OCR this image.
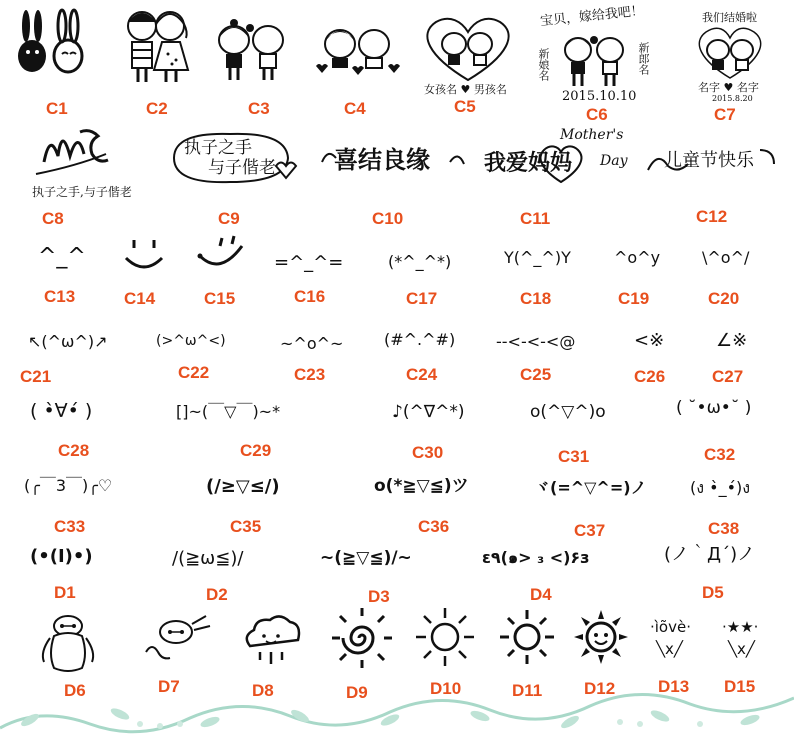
C1	C2	C3	C4
女孩名 ♥ 男孩名
C5
宝贝，嫁给我吧！
新娘名	新郎名
2015.10.10
C6
我们结婚啦
名字 ♥ 名字
2015.8.20
C7
执子之手,与子偕老
C8
执子之手
与子偕老
C9
喜结良缘
C10
Mother's
Day
我爱妈妈
C11
儿童节快乐
C12
^_^
C13	C14	C15
=^_^=
C16
(*^_^*)
C17
Y(^_^)Y
C18
^o^y
C19
\^o^/
C20
↖(^ω^)↗
C21
(>^ω^<)
C22
~^o^~
C23
(#^.^#)
C24
--<-<-<@
C25
<※
C26
∠※
C27
( •̀∀•́ )
C28
[]~(￣▽￣)~*
C29
♪(^∇^*)
C30
o(^▽^)o
C31
( ˘•ω•˘ )
C32
(╭￣3￣)╭♡
C33
(/≥▽≤/)
C35
o(*≧▽≦)ツ
C36
ヾ(=^▽^=)ノ
C37
(ง •̀_•́)ง
C38
(•(I)•)
D1
/(≧ω≦)/
D2
~(≧▽≦)/~
D3
ε٩(๑> ₃ <)۶з
D4
(ノ｀Д´)ノ
D5
D6	D7	D8	D9	D10	D11 D12
·ìõvè·
╲x╱
D13
·★★·
╲x╱
D15
